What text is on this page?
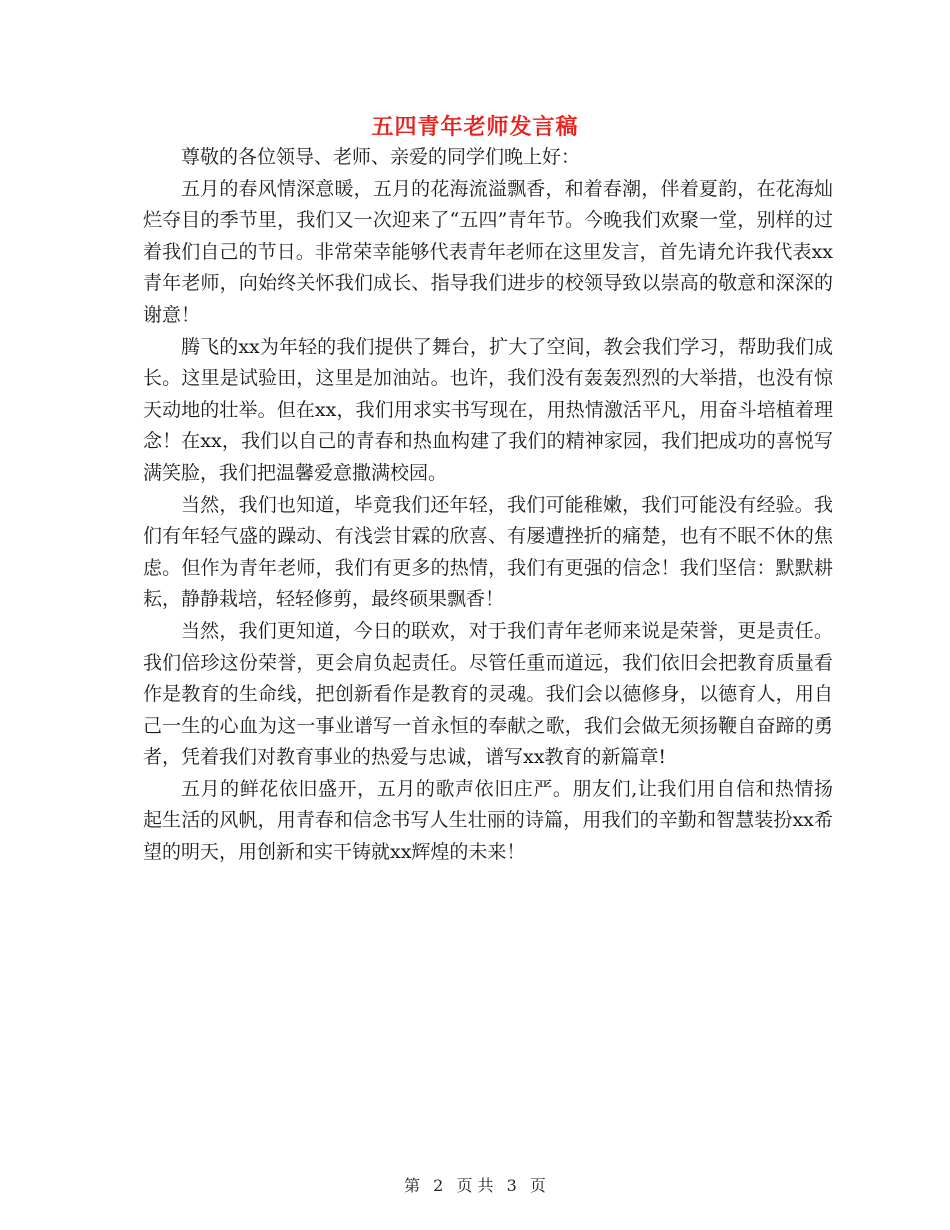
五四青年老师发言稿

尊敬的各位领导、老师、亲爱的同学们晚上好：

五月的春风情深意暖，五月的花海流溢飘香，和着春潮，伴着夏韵，在花海灿烂夺目的季节里，我们又一次迎来了“五四”青年节。今晚我们欢聚一堂，别样的过着我们自己的节日。非常荣幸能够代表青年老师在这里发言，首先请允许我代表xx青年老师，向始终关怀我们成长、指导我们进步的校领导致以崇高的敬意和深深的谢意！

腾飞的xx为年轻的我们提供了舞台，扩大了空间，教会我们学习，帮助我们成长。这里是试验田，这里是加油站。也许，我们没有轰轰烈烈的大举措，也没有惊天动地的壮举。但在xx，我们用求实书写现在，用热情激活平凡，用奋斗培植着理念！在xx，我们以自己的青春和热血构建了我们的精神家园，我们把成功的喜悦写满笑脸，我们把温馨爱意撒满校园。

当然，我们也知道，毕竟我们还年轻，我们可能稚嫩，我们可能没有经验。我们有年轻气盛的躁动、有浅尝甘霖的欣喜、有屡遭挫折的痛楚，也有不眠不休的焦虑。但作为青年老师，我们有更多的热情，我们有更强的信念！我们坚信：默默耕耘，静静栽培，轻轻修剪，最终硕果飘香！

当然，我们更知道，今日的联欢，对于我们青年老师来说是荣誉，更是责任。我们倍珍这份荣誉，更会肩负起责任。尽管任重而道远，我们依旧会把教育质量看作是教育的生命线，把创新看作是教育的灵魂。我们会以德修身，以德育人，用自己一生的心血为这一事业谱写一首永恒的奉献之歌，我们会做无须扬鞭自奋蹄的勇者，凭着我们对教育事业的热爱与忠诚，谱写xx教育的新篇章!

五月的鲜花依旧盛开，五月的歌声依旧庄严。朋友们,让我们用自信和热情扬起生活的风帆，用青春和信念书写人生壮丽的诗篇，用我们的辛勤和智慧装扮xx希望的明天，用创新和实干铸就xx辉煌的未来！

第 2 页 共 3 页
